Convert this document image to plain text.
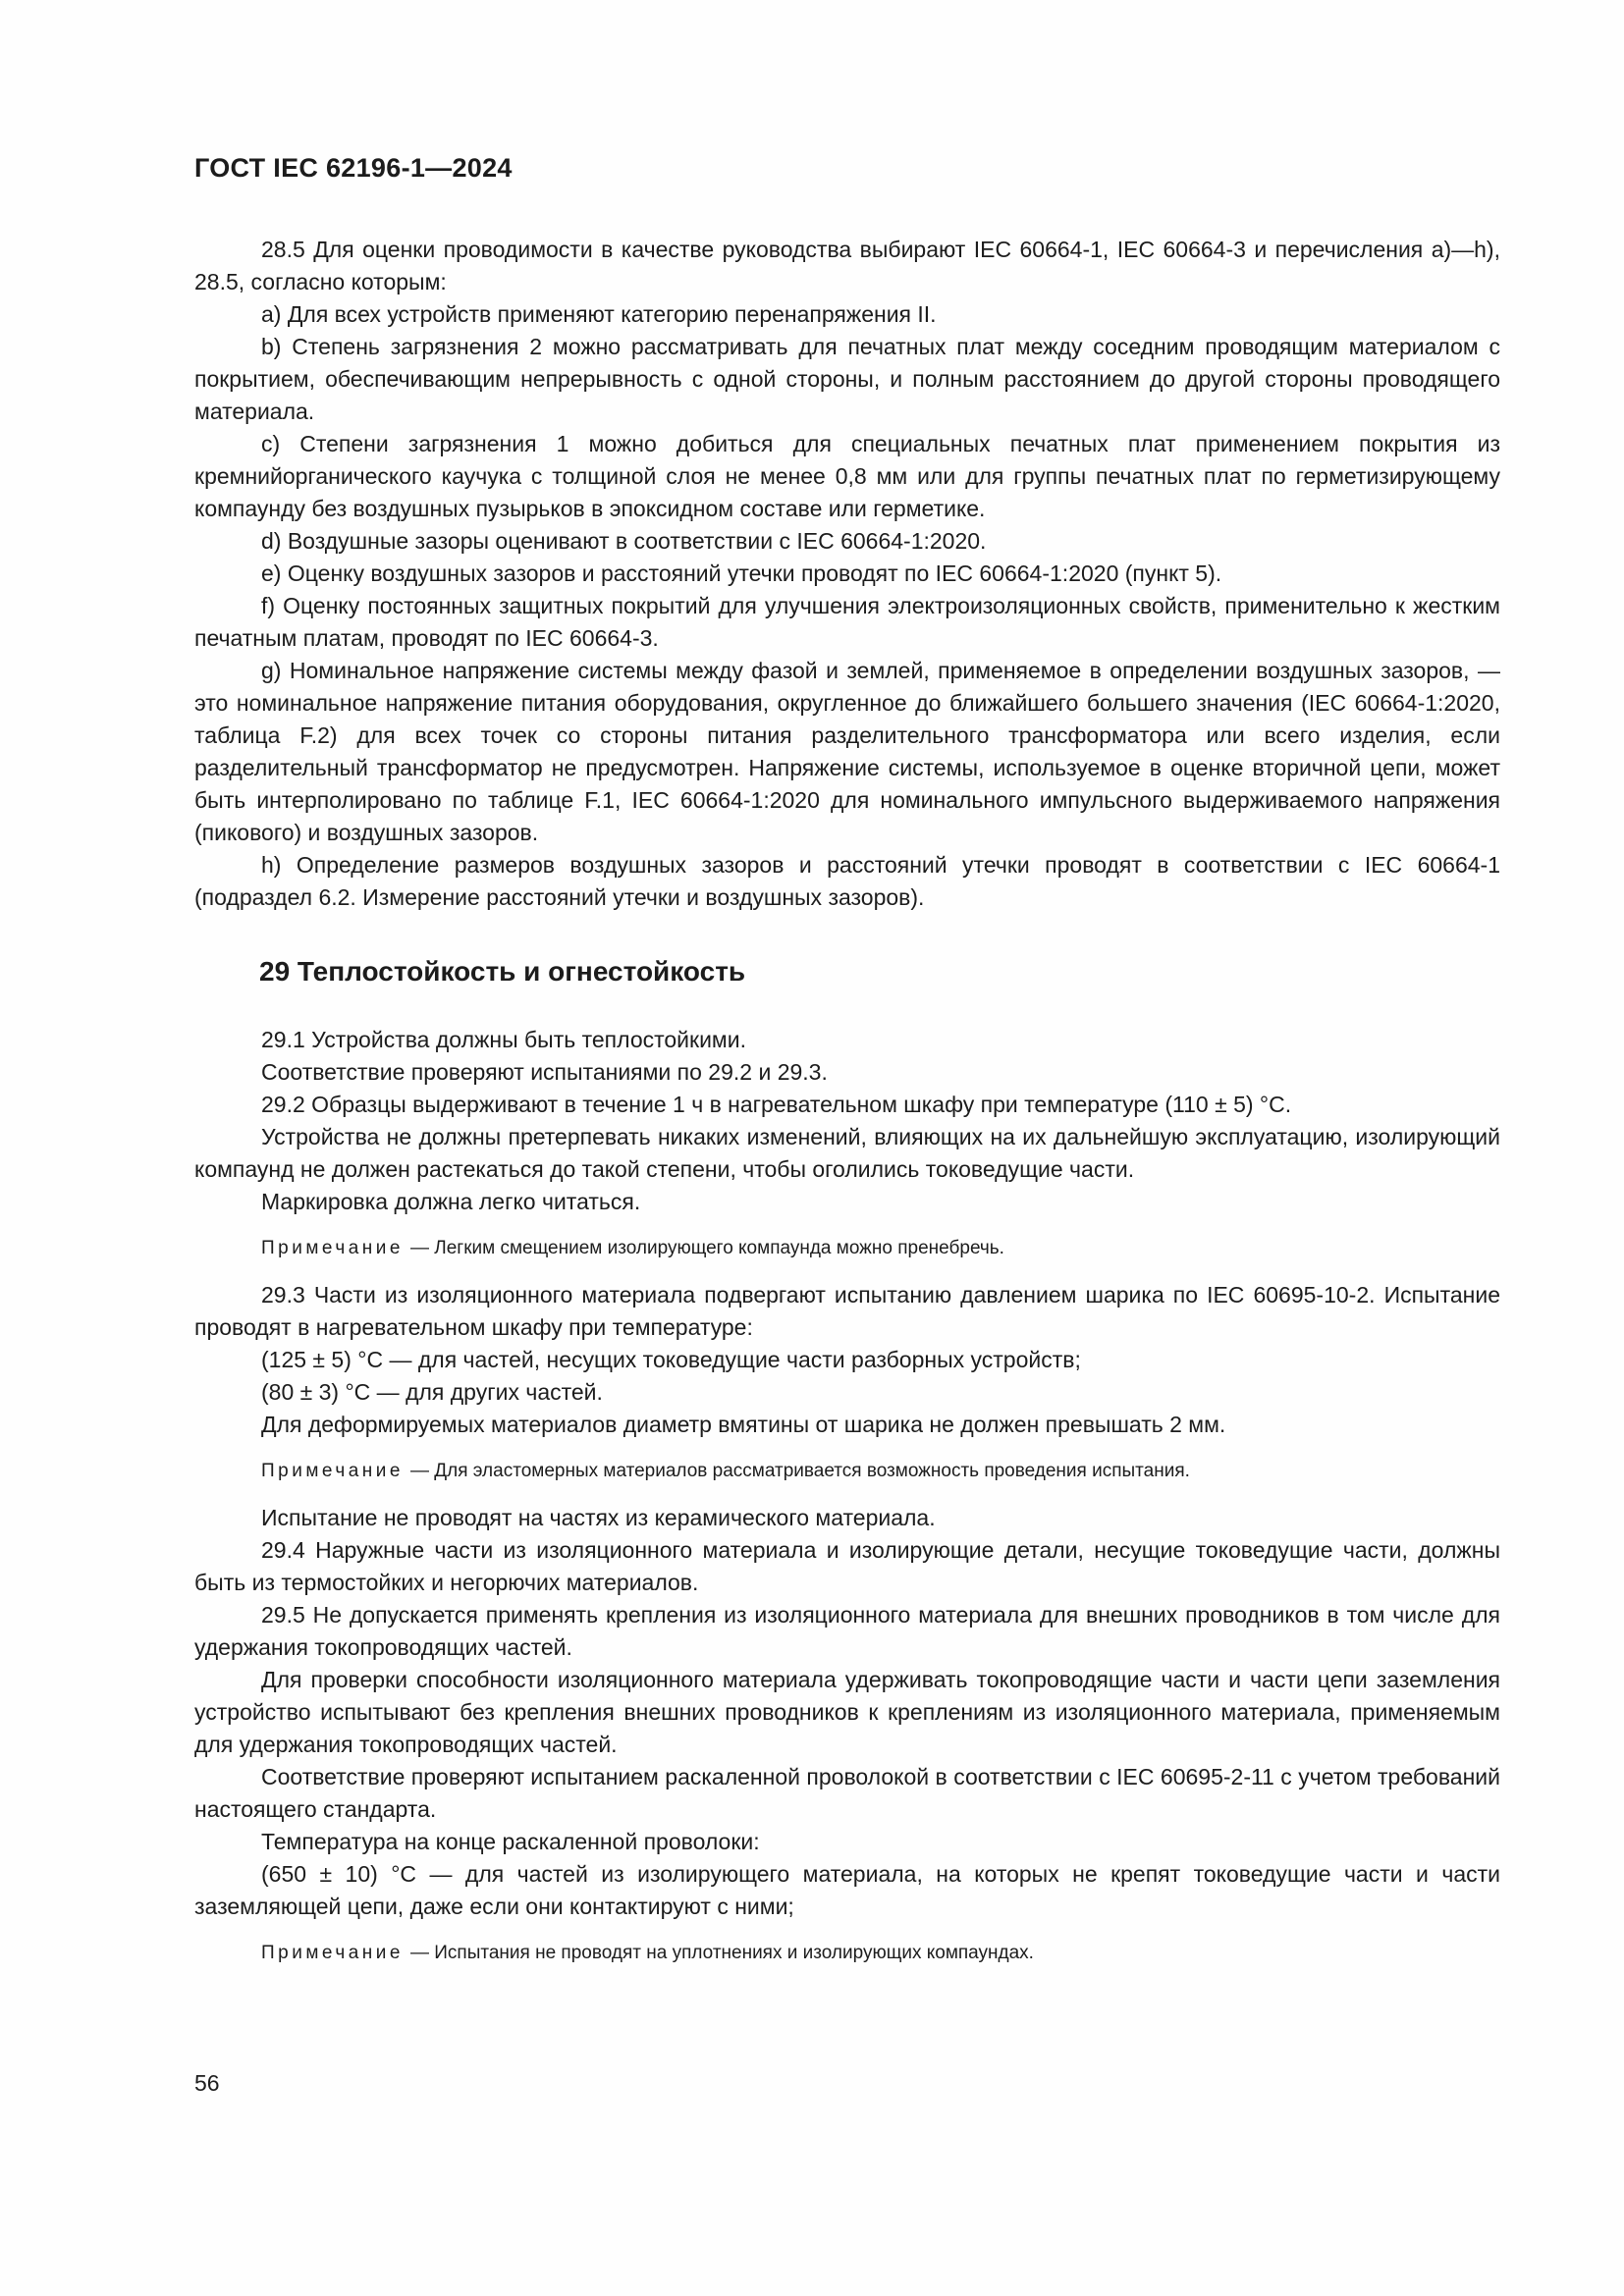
ГОСТ IEC 62196-1—2024

28.5 Для оценки проводимости в качестве руководства выбирают IEC 60664-1, IEC 60664-3 и перечисления a)—h), 28.5, согласно которым:

a) Для всех устройств применяют категорию перенапряжения II.

b) Степень загрязнения 2 можно рассматривать для печатных плат между соседним проводящим материалом с покрытием, обеспечивающим непрерывность с одной стороны, и полным расстоянием до другой стороны проводящего материала.

c) Степени загрязнения 1 можно добиться для специальных печатных плат применением покрытия из кремнийорганического каучука с толщиной слоя не менее 0,8 мм или для группы печатных плат по герметизирующему компаунду без воздушных пузырьков в эпоксидном составе или герметике.

d) Воздушные зазоры оценивают в соответствии с IEC 60664-1:2020.

e) Оценку воздушных зазоров и расстояний утечки проводят по IEC 60664-1:2020 (пункт 5).

f) Оценку постоянных защитных покрытий для улучшения электроизоляционных свойств, применительно к жестким печатным платам, проводят по IEC 60664-3.

g) Номинальное напряжение системы между фазой и землей, применяемое в определении воздушных зазоров, — это номинальное напряжение питания оборудования, округленное до ближайшего большего значения (IEC 60664-1:2020, таблица F.2) для всех точек со стороны питания разделительного трансформатора или всего изделия, если разделительный трансформатор не предусмотрен. Напряжение системы, используемое в оценке вторичной цепи, может быть интерполировано по таблице F.1, IEC 60664-1:2020 для номинального импульсного выдерживаемого напряжения (пикового) и воздушных зазоров.

h) Определение размеров воздушных зазоров и расстояний утечки проводят в соответствии с IEC 60664-1 (подраздел 6.2. Измерение расстояний утечки и воздушных зазоров).

29 Теплостойкость и огнестойкость

29.1 Устройства должны быть теплостойкими.

Соответствие проверяют испытаниями по 29.2 и 29.3.

29.2 Образцы выдерживают в течение 1 ч в нагревательном шкафу при температуре (110 ± 5) °С.

Устройства не должны претерпевать никаких изменений, влияющих на их дальнейшую эксплуатацию, изолирующий компаунд не должен растекаться до такой степени, чтобы оголились токоведущие части.

Маркировка должна легко читаться.

Примечание — Легким смещением изолирующего компаунда можно пренебречь.

29.3 Части из изоляционного материала подвергают испытанию давлением шарика по IEC 60695-10-2. Испытание проводят в нагревательном шкафу при температуре:

(125 ± 5) °С — для частей, несущих токоведущие части разборных устройств;

(80 ± 3) °С — для других частей.

Для деформируемых материалов диаметр вмятины от шарика не должен превышать 2 мм.

Примечание — Для эластомерных материалов рассматривается возможность проведения испытания.

Испытание не проводят на частях из керамического материала.

29.4 Наружные части из изоляционного материала и изолирующие детали, несущие токоведущие части, должны быть из термостойких и негорючих материалов.

29.5 Не допускается применять крепления из изоляционного материала для внешних проводников в том числе для удержания токопроводящих частей.

Для проверки способности изоляционного материала удерживать токопроводящие части и части цепи заземления устройство испытывают без крепления внешних проводников к креплениям из изоляционного материала, применяемым для удержания токопроводящих частей.

Соответствие проверяют испытанием раскаленной проволокой в соответствии с IEC 60695-2-11 с учетом требований настоящего стандарта.

Температура на конце раскаленной проволоки:

(650 ± 10) °С — для частей из изолирующего материала, на которых не крепят токоведущие части и части заземляющей цепи, даже если они контактируют с ними;

Примечание — Испытания не проводят на уплотнениях и изолирующих компаундах.

56
